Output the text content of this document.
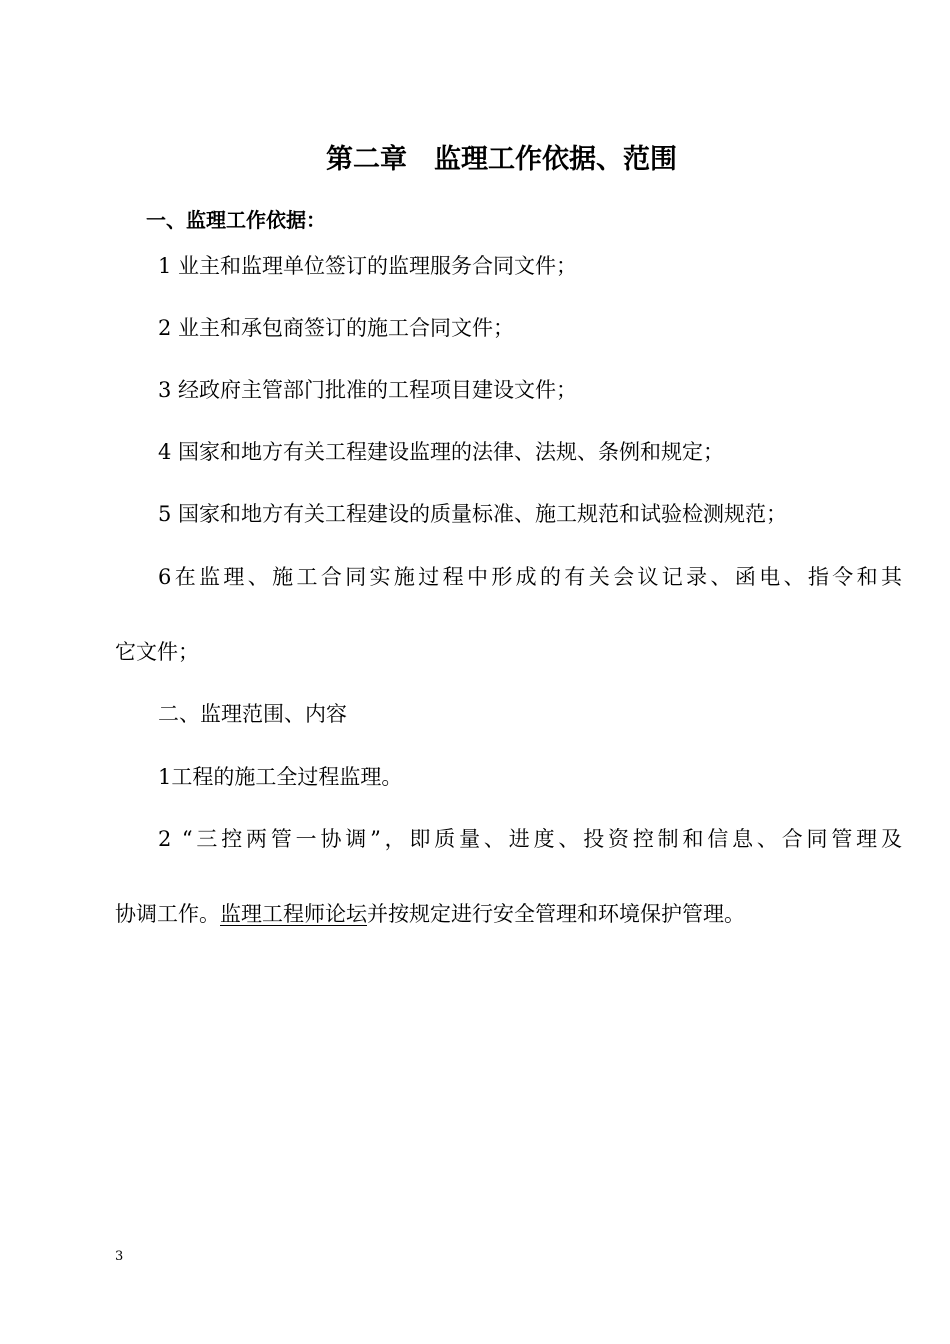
第二章　监理工作依据、范围
一、监理工作依据：
1 业主和监理单位签订的监理服务合同文件；
2 业主和承包商签订的施工合同文件；
3 经政府主管部门批准的工程项目建设文件；
4 国家和地方有关工程建设监理的法律、法规、条例和规定；
5 国家和地方有关工程建设的质量标准、施工规范和试验检测规范；
6在监理、施工合同实施过程中形成的有关会议记录、函电、指令和其
它文件；
二、监理范围、内容
1工程的施工全过程监理。
2 “三控两管一协调”，即质量、进度、投资控制和信息、合同管理及
协调工作。监理工程师论坛并按规定进行安全管理和环境保护管理。
3
